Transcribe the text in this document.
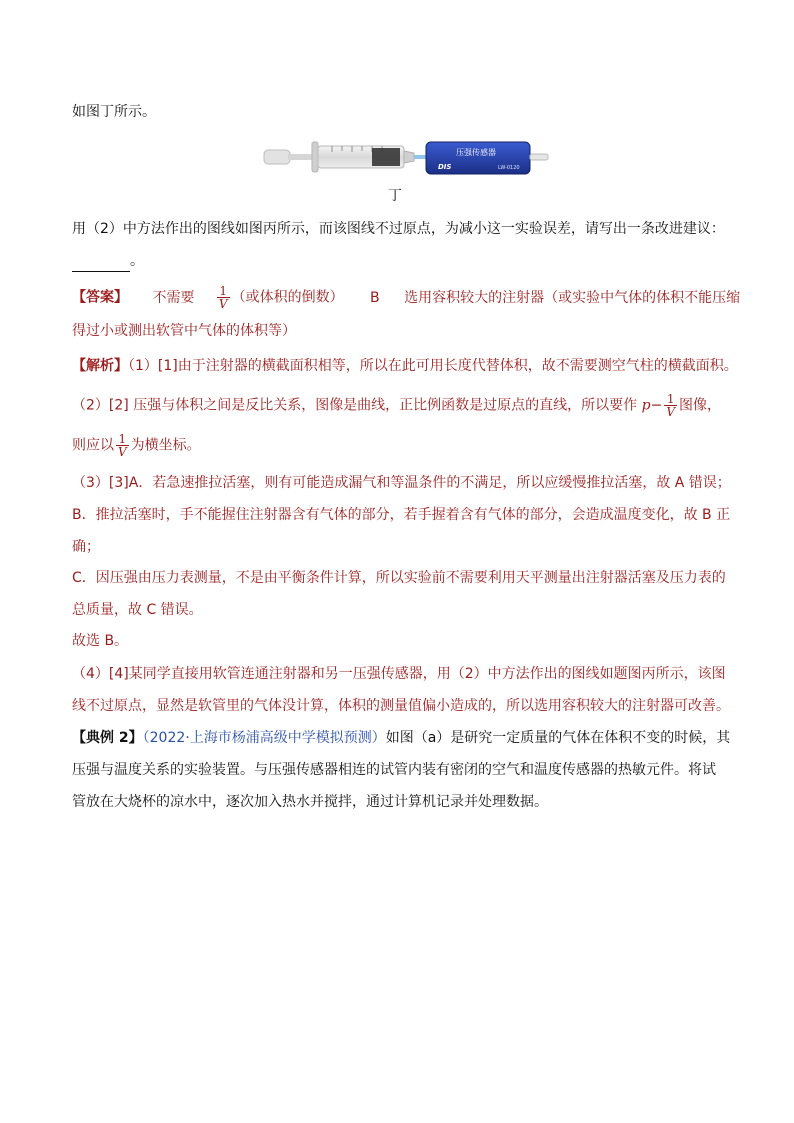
如图丁所示。
压强传感器
DIS	LW-0120
丁
用（2）中方法作出的图线如图丙所示，而该图线不过原点，为减小这一实验误差，请写出一条改进建议：
。
【答案】 不需要 $\frac{1}{V}$ （或体积的倒数） B 选用容积较大的注射器（或实验中气体的体积不能压缩
得过小或测出软管中气体的体积等）
【解析】（1）[1]由于注射器的横截面积相等，所以在此可用长度代替体积，故不需要测空气柱的横截面积。
（2）[2] 压强与体积之间是反比关系，图像是曲线，正比例函数是过原点的直线，所以要作 $p- \frac{1}{V}$ 图像，
则应以 $\frac{1}{V}$ 为横坐标。
（3）[3]A．若急速推拉活塞，则有可能造成漏气和等温条件的不满足，所以应缓慢推拉活塞，故 A 错误；
B．推拉活塞时，手不能握住注射器含有气体的部分，若手握着含有气体的部分，会造成温度变化，故 B 正
确；
C．因压强由压力表测量，不是由平衡条件计算，所以实验前不需要利用天平测量出注射器活塞及压力表的
总质量，故 C 错误。
故选 B。
（4）[4]某同学直接用软管连通注射器和另一压强传感器，用（2）中方法作出的图线如题图丙所示，该图
线不过原点，显然是软管里的气体没计算，体积的测量值偏小造成的，所以选用容积较大的注射器可改善。
【典例 2】（2022·上海市杨浦高级中学模拟预测）如图（a）是研究一定质量的气体在体积不变的时候，其
压强与温度关系的实验装置。与压强传感器相连的试管内装有密闭的空气和温度传感器的热敏元件。将试
管放在大烧杯的凉水中，逐次加入热水并搅拌，通过计算机记录并处理数据。
